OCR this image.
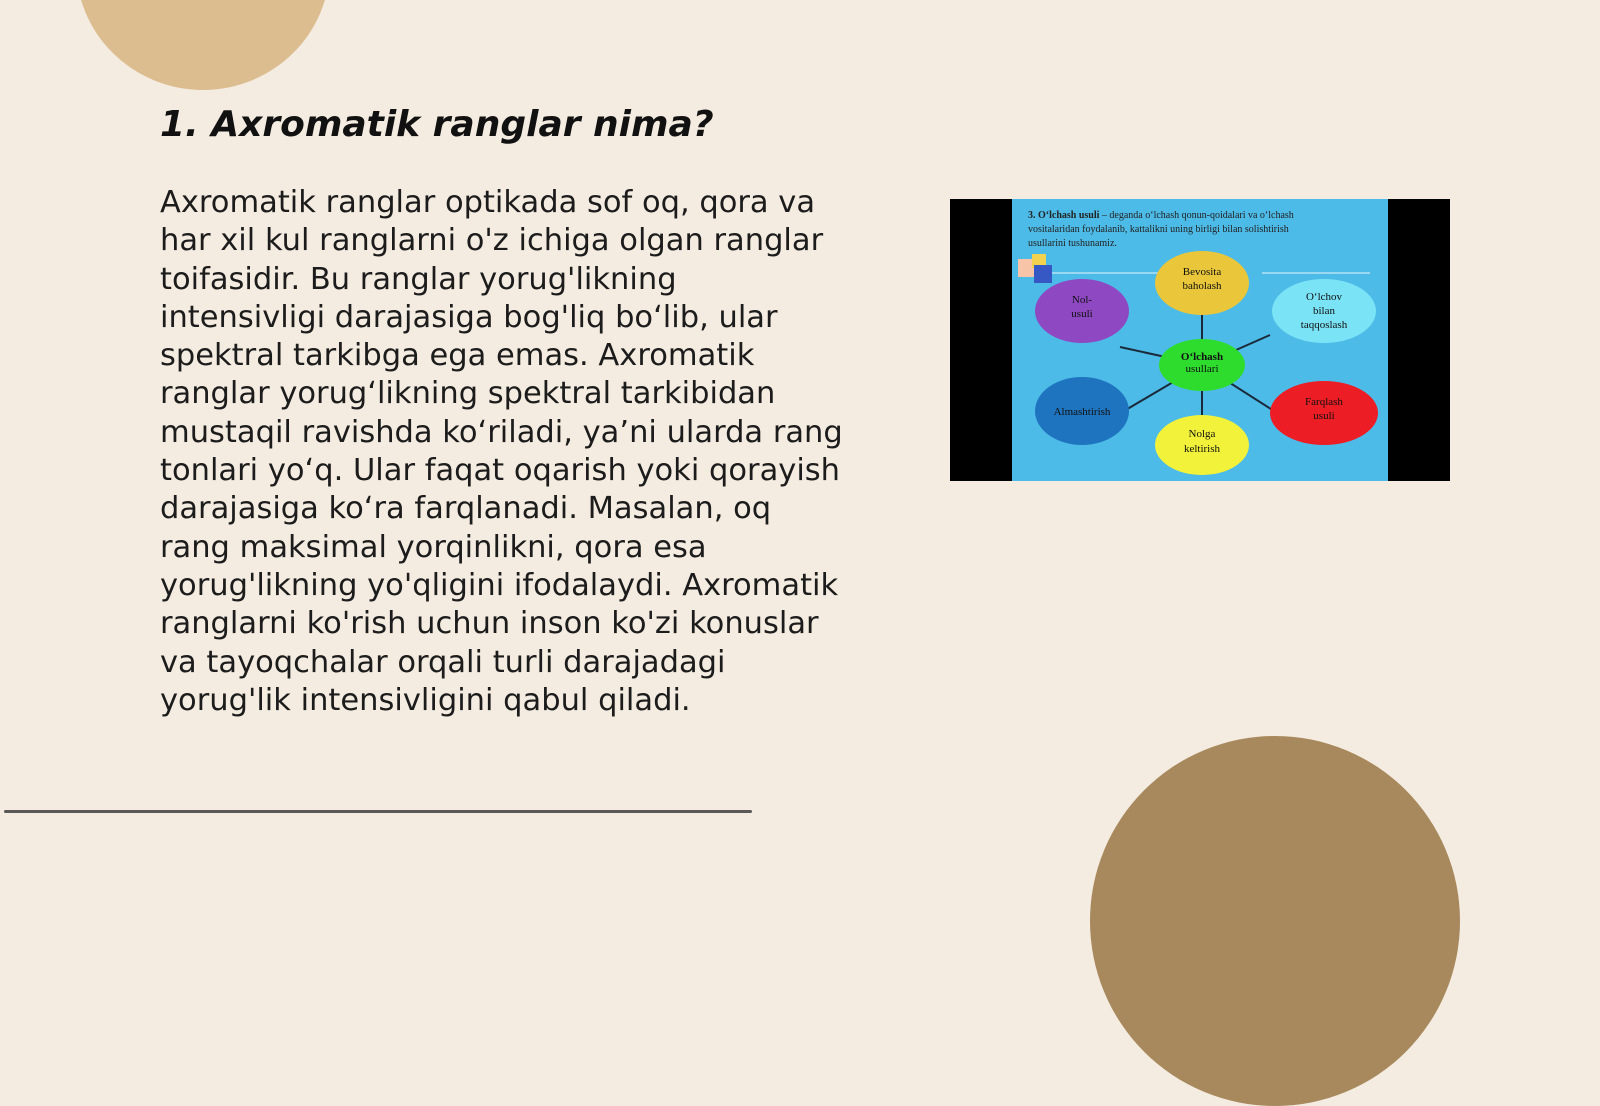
1. Axromatik ranglar nima?

Axromatik ranglar optikada sof oq, qora va har xil kul ranglarni o'z ichiga olgan ranglar toifasidir. Bu ranglar yorug'likning intensivligi darajasiga bog'liq bo‘lib, ular spektral tarkibga ega emas. Axromatik ranglar yorug‘likning spektral tarkibidan mustaqil ravishda ko‘riladi, ya’ni ularda rang tonlari yo‘q. Ular faqat oqarish yoki qorayish darajasiga ko‘ra farqlanadi. Masalan, oq rang maksimal yorqinlikni, qora esa yorug'likning yo'qligini ifodalaydi. Axromatik ranglarni ko'rish uchun inson ko'zi konuslar va tayoqchalar orqali turli darajadagi yorug'lik intensivligini qabul qiladi.

3. O‘lchash usuli – deganda o‘lchash qonun-qoidalari va o‘lchash
vositalaridan foydalanib, kattalikni uning birligi bilan solishtirish
usullarini tushunamiz.
Bevosita
baholash
Nol-
usuli
O‘lchov
bilan
taqqoslash
O‘lchash
usullari
Almashtirish
Nolga
keltirish
Farqlash
usuli
